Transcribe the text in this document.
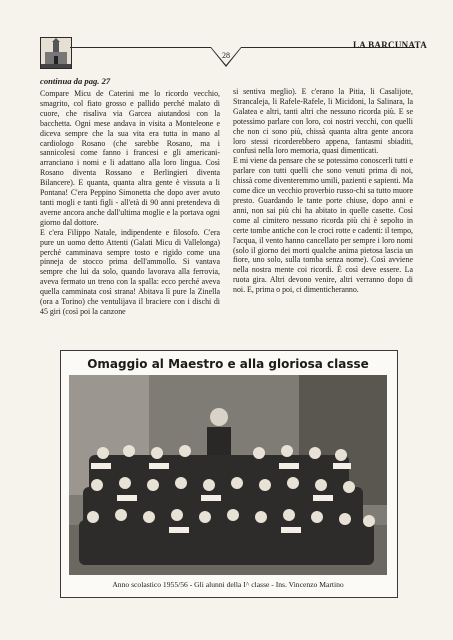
28
LA BARCUNATA
continua da pag. 27

Compare Micu de Caterini me lo ricordo vecchio, smagrito, col fiato grosso e pallido perché malato di cuore, che risaliva via Garcea aiutandosi con la bacchetta. Ogni mese andava in visita a Monteleone e diceva sempre che la sua vita era tutta in mano al cardiologo Rosano (che sarebbe Rosano, ma i sannicolesi come fanno i francesi e gli americani-arranciano i nomi e li adattano alla loro lingua. Così Rosano diventa Rossano e Berlingieri diventa Bilancere). E quanta, quanta altra gente è vissuta a li Pontana! C'era Peppino Simonetta che dopo aver avuto tanti mogli e tanti figli - all'età di 90 anni pretendeva di averne ancora anche dall'ultima moglie e la portava ogni giorno dal dottore.

E c'era Filippo Natale, indipendente e filosofo. C'era pure un uomo detto Attenti (Galati Micu di Vallelonga) perché camminava sempre tosto e rigido come una pinneja de stocco prima dell'ammollo. Si vantava sempre che lui da solo, quando lavorava alla ferrovia, aveva fermato un treno con la spalla: ecco perché aveva quella camminata così strana! Abitava lì pure la Zinella (ora a Torino) che ventulijava il braciere con i dischi di 45 giri (così poi la canzone

si sentiva meglio). E c'erano la Pitia, li Casalijote, Strancaleja, li Rafele-Rafele, li Micidoni, la Salinara, la Galatea e altri, tanti altri che nessuno ricorda più. E se potessimo parlare con loro, coi nostri vecchi, con quelli che non ci sono più, chissà quanta altra gente ancora loro stessi ricorderebbero appena, fantasmi sbiaditi, confusi nella loro memoria, quasi dimenticati.

E mi viene da pensare che se potessimo conoscerli tutti e parlare con tutti quelli che sono venuti prima di noi, chissà come diventeremmo umili, pazienti e sapienti. Ma come dice un vecchio proverbio russo-chi sa tutto muore presto. Guardando le tante porte chiuse, dopo anni e anni, non sai più chi ha abitato in quelle casette. Così come al cimitero nessuno ricorda più chi è sepolto in certe tombe antiche con le croci rotte e cadenti: il tempo, l'acqua, il vento hanno cancellato per sempre i loro nomi (solo il giorno dei morti qualche anima pietosa lascia un fiore, uno solo, sulla tomba senza nome). Così avviene nella nostra mente coi ricordi. È così deve essere. La ruota gira. Altri devono venire, altri verranno dopo di noi. E, prima o poi, ci dimenticheranno.

Omaggio al Maestro e alla gloriosa classe
Anno scolastico 1955/56 - Gli alunni della I^ classe - Ins. Vincenzo Martino
